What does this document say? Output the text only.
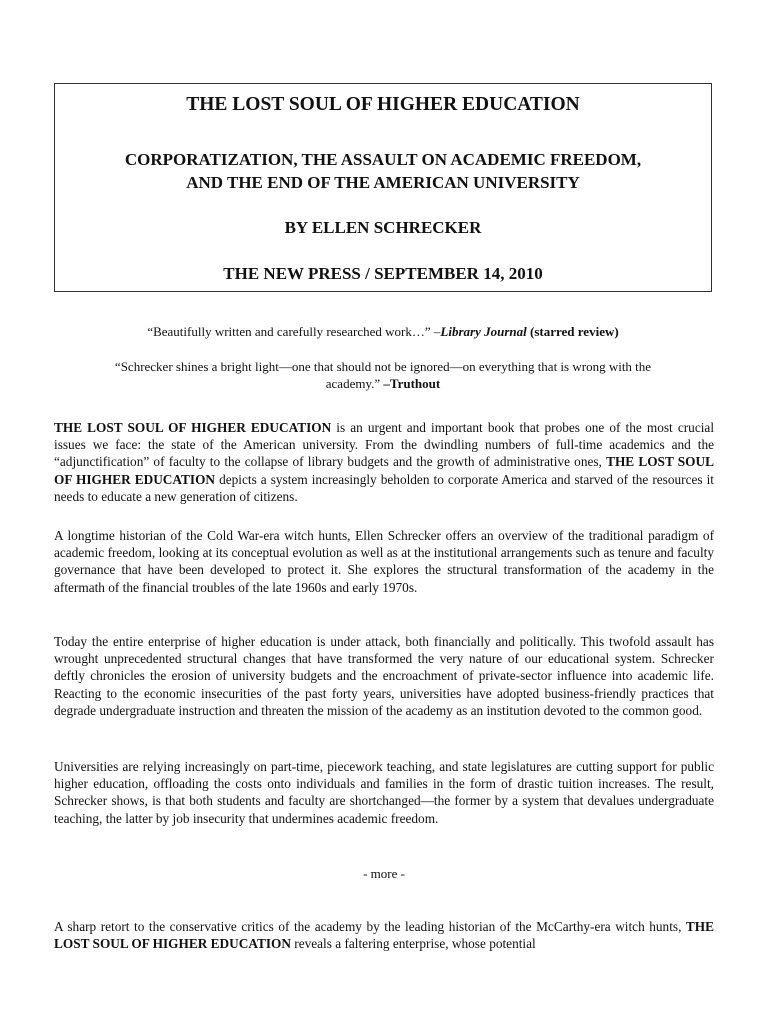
THE LOST SOUL OF HIGHER EDUCATION
CORPORATIZATION, THE ASSAULT ON ACADEMIC FREEDOM,
AND THE END OF THE AMERICAN UNIVERSITY
BY ELLEN SCHRECKER
THE NEW PRESS / SEPTEMBER 14, 2010
“Beautifully written and carefully researched work…” –Library Journal (starred review)
“Schrecker shines a bright light—one that should not be ignored—on everything that is wrong with the academy.” –Truthout

THE LOST SOUL OF HIGHER EDUCATION is an urgent and important book that probes one of the most crucial issues we face: the state of the American university. From the dwindling numbers of full-time academics and the “adjunctification” of faculty to the collapse of library budgets and the growth of administrative ones, THE LOST SOUL OF HIGHER EDUCATION depicts a system increasingly beholden to corporate America and starved of the resources it needs to educate a new generation of citizens.

A longtime historian of the Cold War-era witch hunts, Ellen Schrecker offers an overview of the traditional paradigm of academic freedom, looking at its conceptual evolution as well as at the institutional arrangements such as tenure and faculty governance that have been developed to protect it. She explores the structural transformation of the academy in the aftermath of the financial troubles of the late 1960s and early 1970s.

Today the entire enterprise of higher education is under attack, both financially and politically. This twofold assault has wrought unprecedented structural changes that have transformed the very nature of our educational system. Schrecker deftly chronicles the erosion of university budgets and the encroachment of private-sector influence into academic life. Reacting to the economic insecurities of the past forty years, universities have adopted business-friendly practices that degrade undergraduate instruction and threaten the mission of the academy as an institution devoted to the common good.

Universities are relying increasingly on part-time, piecework teaching, and state legislatures are cutting support for public higher education, offloading the costs onto individuals and families in the form of drastic tuition increases. The result, Schrecker shows, is that both students and faculty are shortchanged—the former by a system that devalues undergraduate teaching, the latter by job insecurity that undermines academic freedom.

- more -

A sharp retort to the conservative critics of the academy by the leading historian of the McCarthy-era witch hunts, THE LOST SOUL OF HIGHER EDUCATION reveals a faltering enterprise, whose potential
